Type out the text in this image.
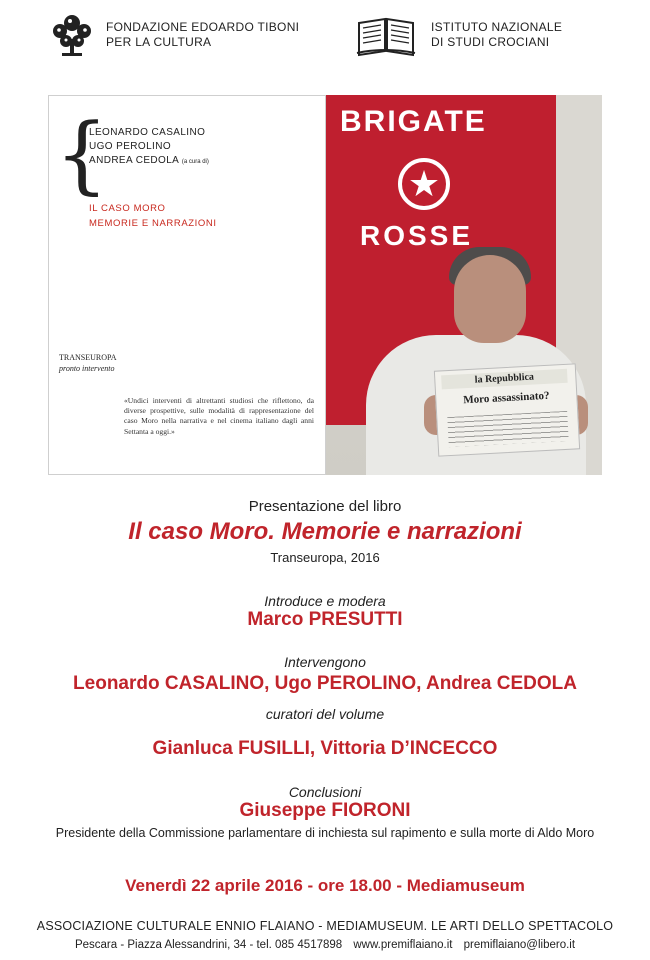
FONDAZIONE EDOARDO TIBONI
PER LA CULTURA
ISTITUTO NAZIONALE
DI STUDI CROCIANI
{
LEONARDO CASALINO
UGO PEROLINO
ANDREA CEDOLA (a cura di)
IL CASO MORO
MEMORIE E NARRAZIONI
TRANSEUROPA
pronto intervento
«Undici interventi di altrettanti studiosi che riflettono, da diverse prospettive, sulle modalità di rappresentazione del caso Moro nella narrativa e nel cinema italiano dagli anni Settanta a oggi.»
BRIGATE
★
ROSSE
la Repubblica
Moro assassinato?
Presentazione del libro
Il caso Moro. Memorie e narrazioni
Transeuropa, 2016
Introduce e modera
Marco PRESUTTI
Intervengono
Leonardo CASALINO, Ugo PEROLINO, Andrea CEDOLA
curatori del volume
Gianluca FUSILLI, Vittoria D’INCECCO
Conclusioni
Giuseppe FIORONI
Presidente della Commissione parlamentare di inchiesta sul rapimento e sulla morte di Aldo Moro
Venerdì 22 aprile 2016 - ore 18.00 - Mediamuseum
ASSOCIAZIONE CULTURALE ENNIO FLAIANO - MEDIAMUSEUM. LE ARTI DELLO SPETTACOLO
Pescara - Piazza Alessandrini, 34 - tel. 085 4517898 www.premiflaiano.it premiflaiano@libero.it
